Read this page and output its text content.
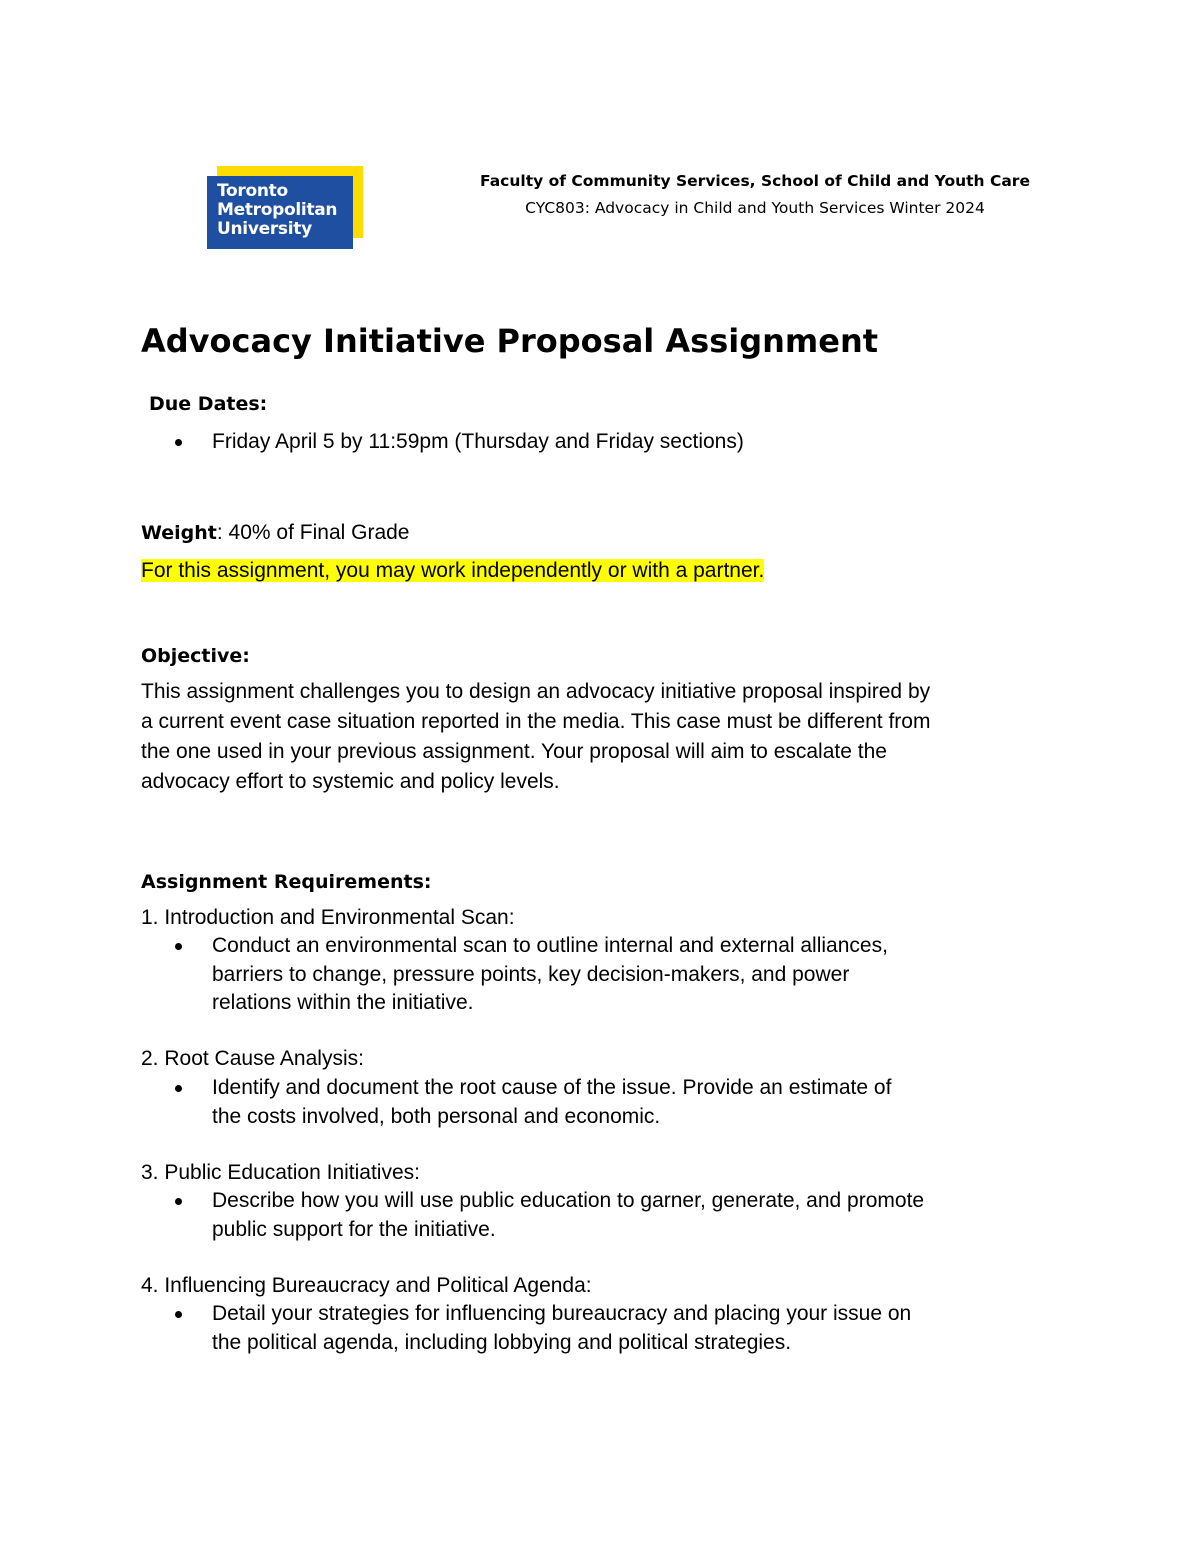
Toronto
Metropolitan
University
Faculty of Community Services, School of Child and Youth Care
CYC803: Advocacy in Child and Youth Services Winter 2024
Advocacy Initiative Proposal Assignment
Due Dates:
Friday April 5 by 11:59pm (Thursday and Friday sections)
Weight: 40% of Final Grade
For this assignment, you may work independently or with a partner.
Objective:
This assignment challenges you to design an advocacy initiative proposal inspired by
a current event case situation reported in the media. This case must be different from
the one used in your previous assignment. Your proposal will aim to escalate the
advocacy effort to systemic and policy levels.
Assignment Requirements:
1. Introduction and Environmental Scan:
Conduct an environmental scan to outline internal and external alliances,
barriers to change, pressure points, key decision-makers, and power
relations within the initiative.
2. Root Cause Analysis:
Identify and document the root cause of the issue. Provide an estimate of
the costs involved, both personal and economic.
3. Public Education Initiatives:
Describe how you will use public education to garner, generate, and promote
public support for the initiative.
4. Influencing Bureaucracy and Political Agenda:
Detail your strategies for influencing bureaucracy and placing your issue on
the political agenda, including lobbying and political strategies.
